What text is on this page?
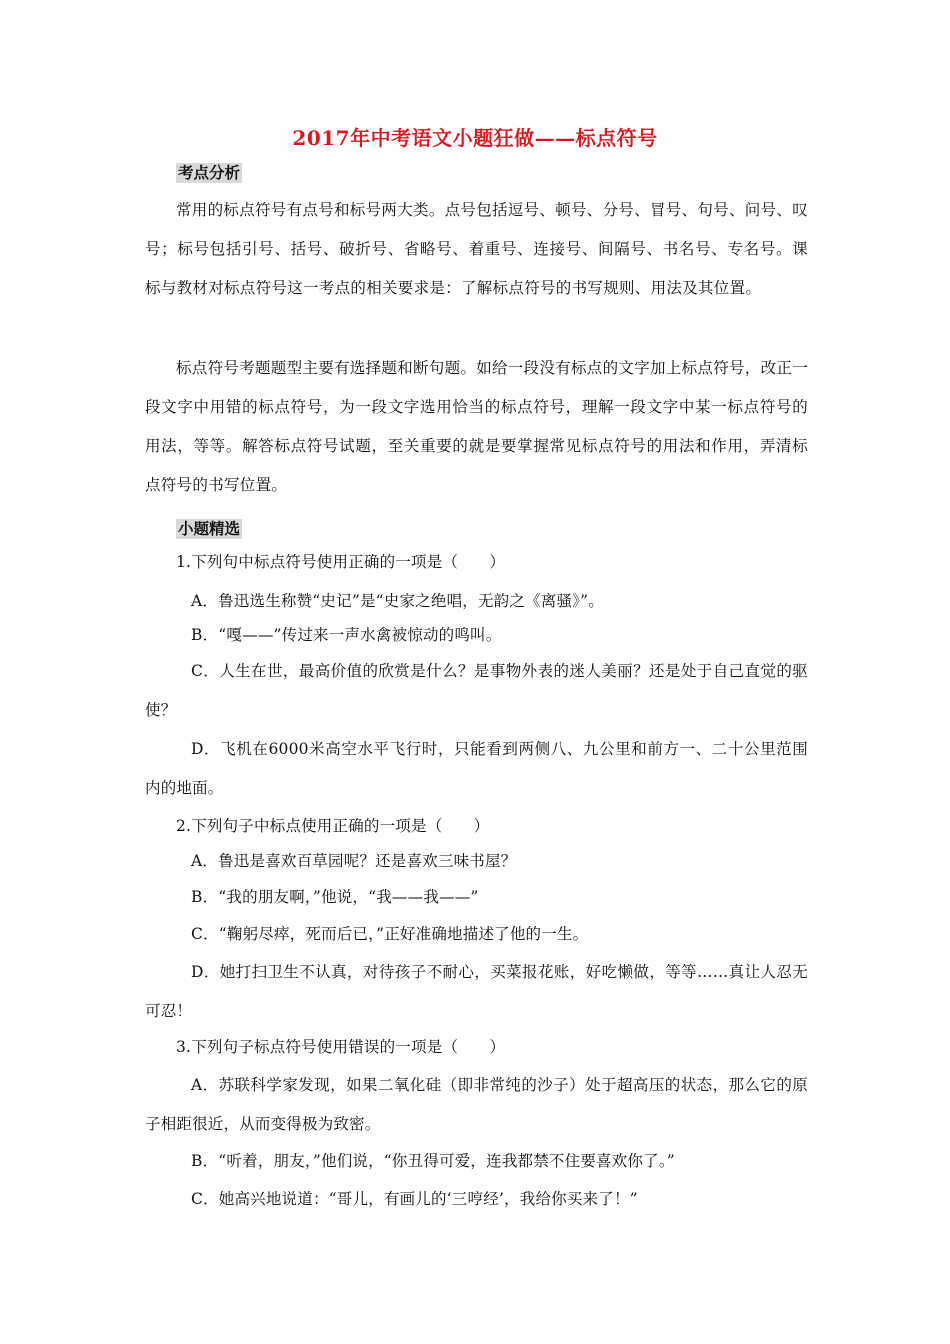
2017年中考语文小题狂做——标点符号
考点分析
常用的标点符号有点号和标号两大类。点号包括逗号、顿号、分号、冒号、句号、问号、叹号；标号包括引号、括号、破折号、省略号、着重号、连接号、间隔号、书名号、专名号。课标与教材对标点符号这一考点的相关要求是：了解标点符号的书写规则、用法及其位置。
标点符号考题题型主要有选择题和断句题。如给一段没有标点的文字加上标点符号，改正一段文字中用错的标点符号，为一段文字选用恰当的标点符号，理解一段文字中某一标点符号的用法，等等。解答标点符号试题，至关重要的就是要掌握常见标点符号的用法和作用，弄清标点符号的书写位置。
小题精选
1.下列句中标点符号使用正确的一项是（　　）
A．鲁迅选生称赞“史记”是“史家之绝唱，无韵之《离骚》”。
B．“嘎——”传过来一声水禽被惊动的鸣叫。
C．人生在世，最高价值的欣赏是什么？是事物外表的迷人美丽？还是处于自己直觉的驱使？
D．飞机在6000米高空水平飞行时，只能看到两侧八、九公里和前方一、二十公里范围内的地面。
2.下列句子中标点使用正确的一项是（　　）
A．鲁迅是喜欢百草园呢？还是喜欢三味书屋？
B．“我的朋友啊，”他说，“我——我——”
C．“鞠躬尽瘁，死而后已，”正好准确地描述了他的一生。
D．她打扫卫生不认真，对待孩子不耐心，买菜报花账，好吃懒做，等等……真让人忍无可忍！
3.下列句子标点符号使用错误的一项是（　　）
A．苏联科学家发现，如果二氧化硅（即非常纯的沙子）处于超高压的状态，那么它的原子相距很近，从而变得极为致密。
B．“听着，朋友，”他们说，“你丑得可爱，连我都禁不住要喜欢你了。”
C．她高兴地说道：“哥儿，有画儿的‘三哼经’，我给你买来了！”
